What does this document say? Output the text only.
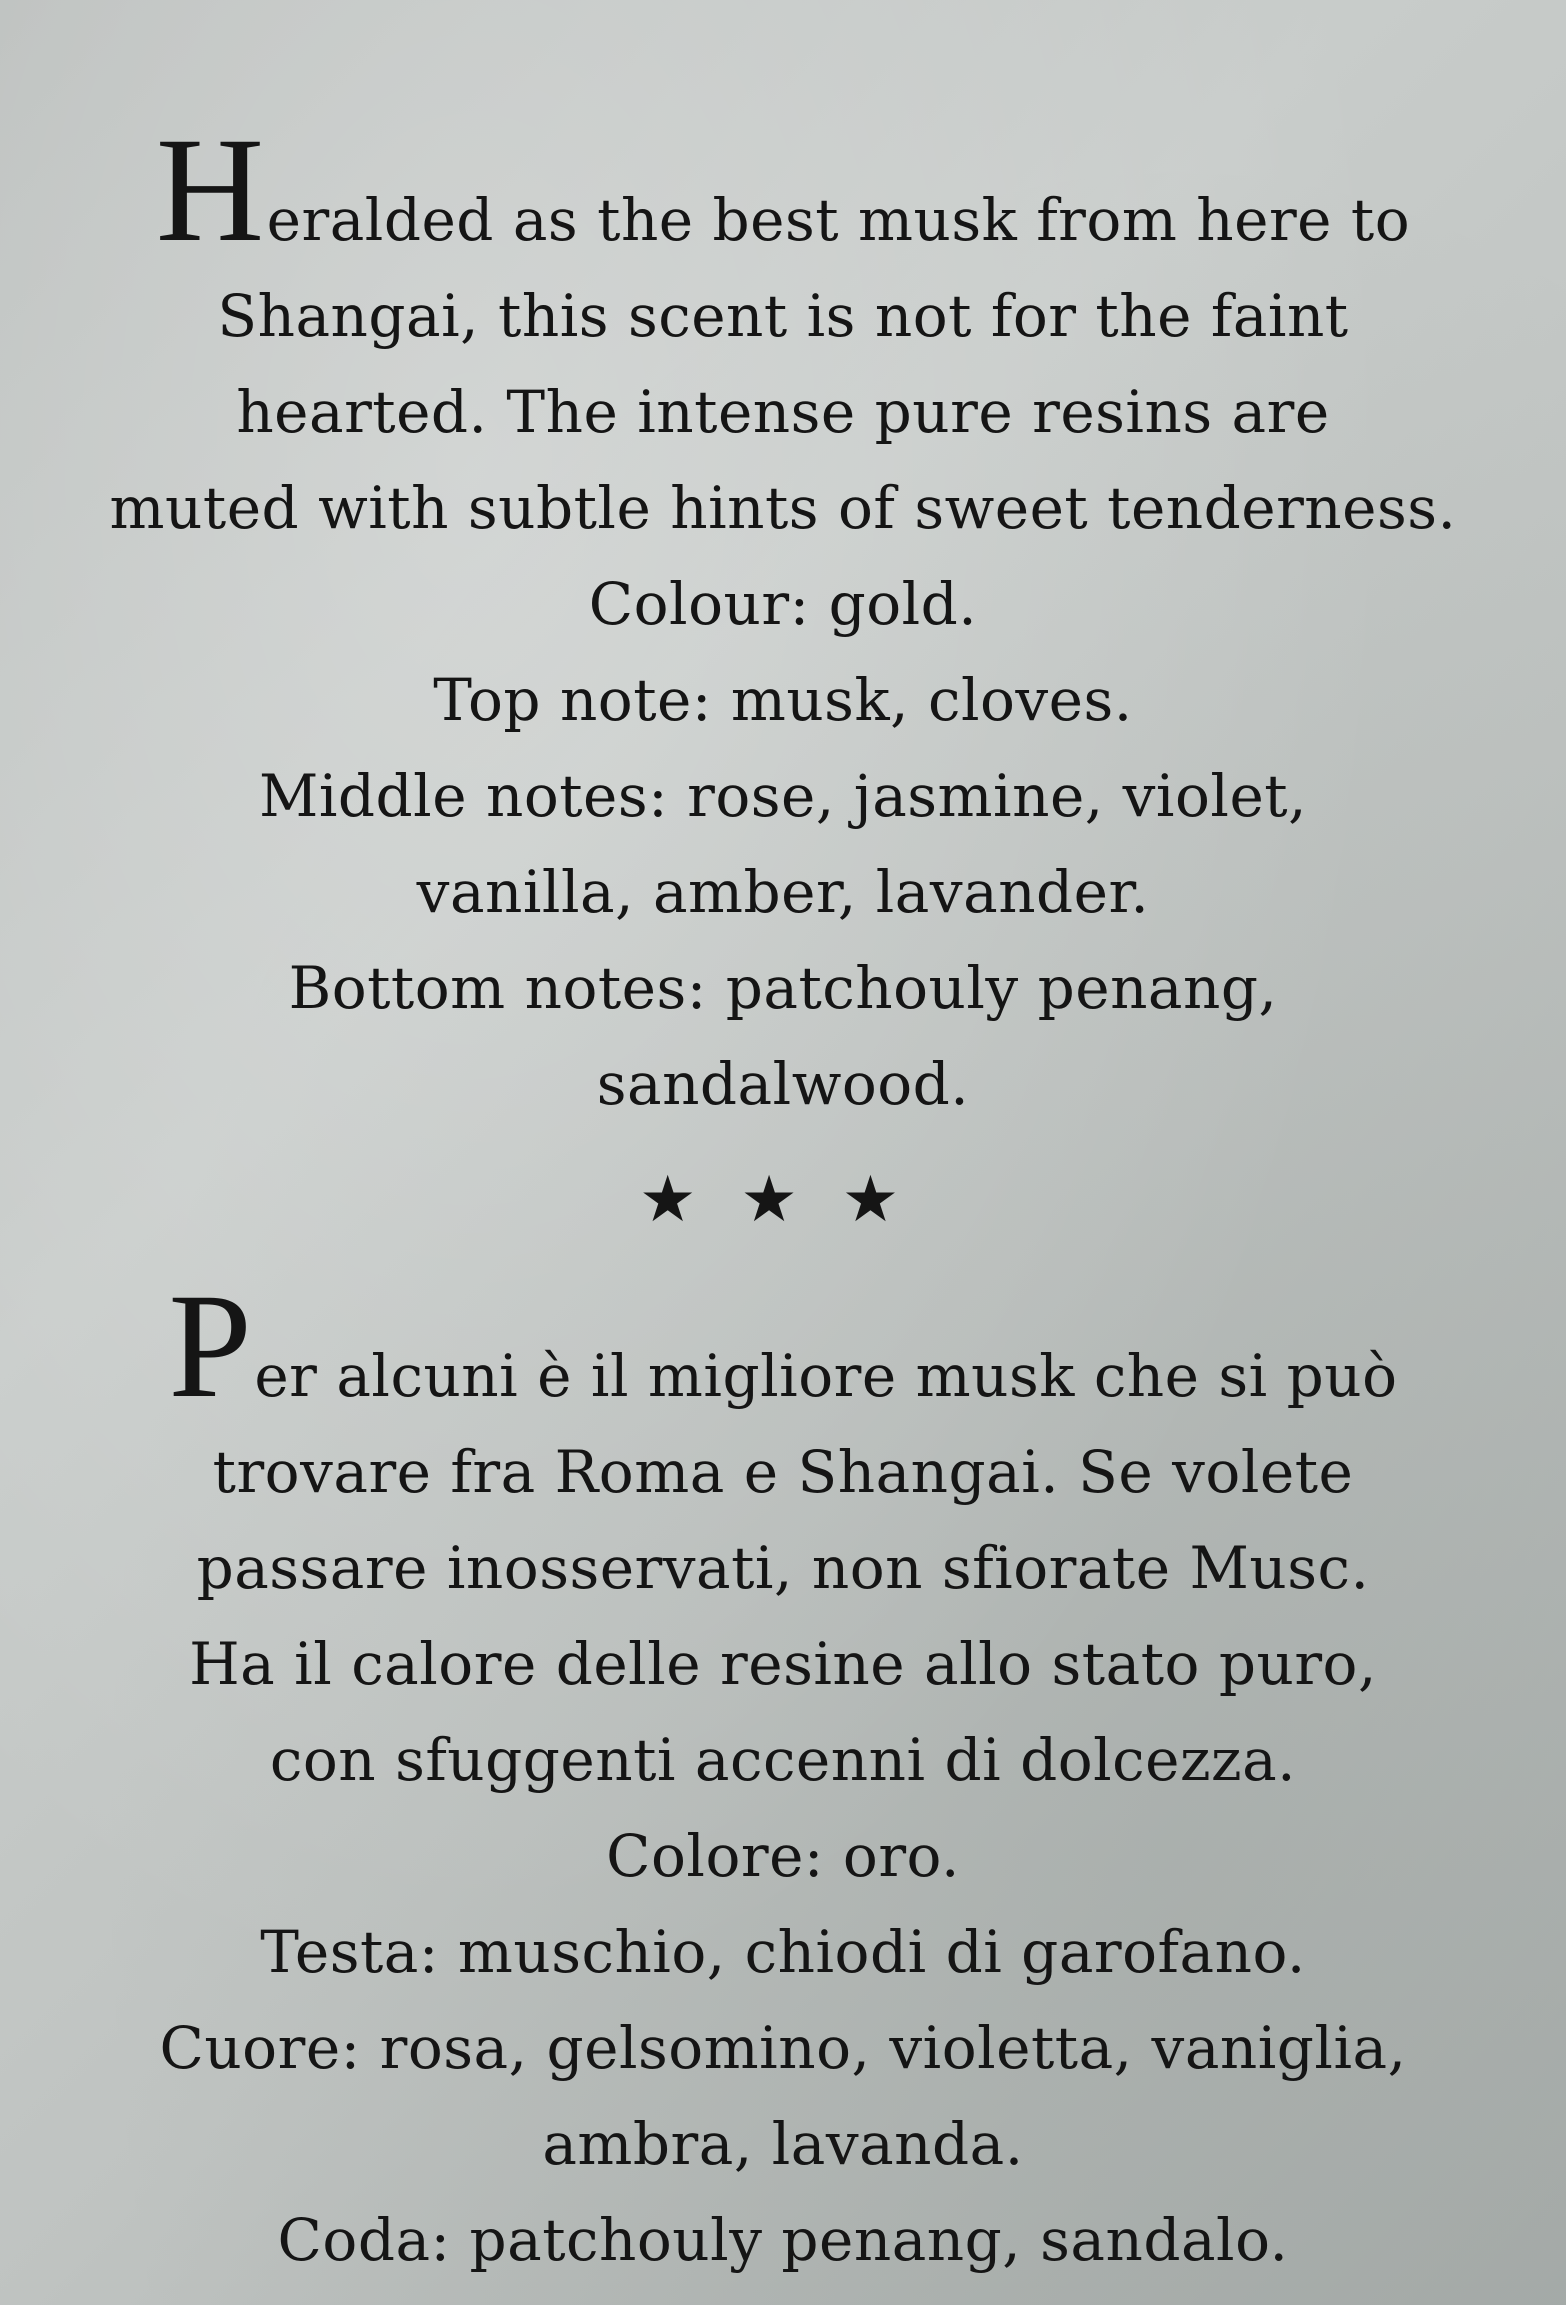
Heralded as the best musk from here to
Shangai, this scent is not for the faint
hearted. The intense pure resins are
muted with subtle hints of sweet tenderness.
Colour: gold.
Top note: musk, cloves.
Middle notes: rose, jasmine, violet,
vanilla, amber, lavander.
Bottom notes: patchouly penang,
sandalwood.
★ ★ ★
Per alcuni è il migliore musk che si può
trovare fra Roma e Shangai. Se volete
passare inosservati, non sfiorate Musc.
Ha il calore delle resine allo stato puro,
con sfuggenti accenni di dolcezza.
Colore: oro.
Testa: muschio, chiodi di garofano.
Cuore: rosa, gelsomino, violetta, vaniglia,
ambra, lavanda.
Coda: patchouly penang, sandalo.
